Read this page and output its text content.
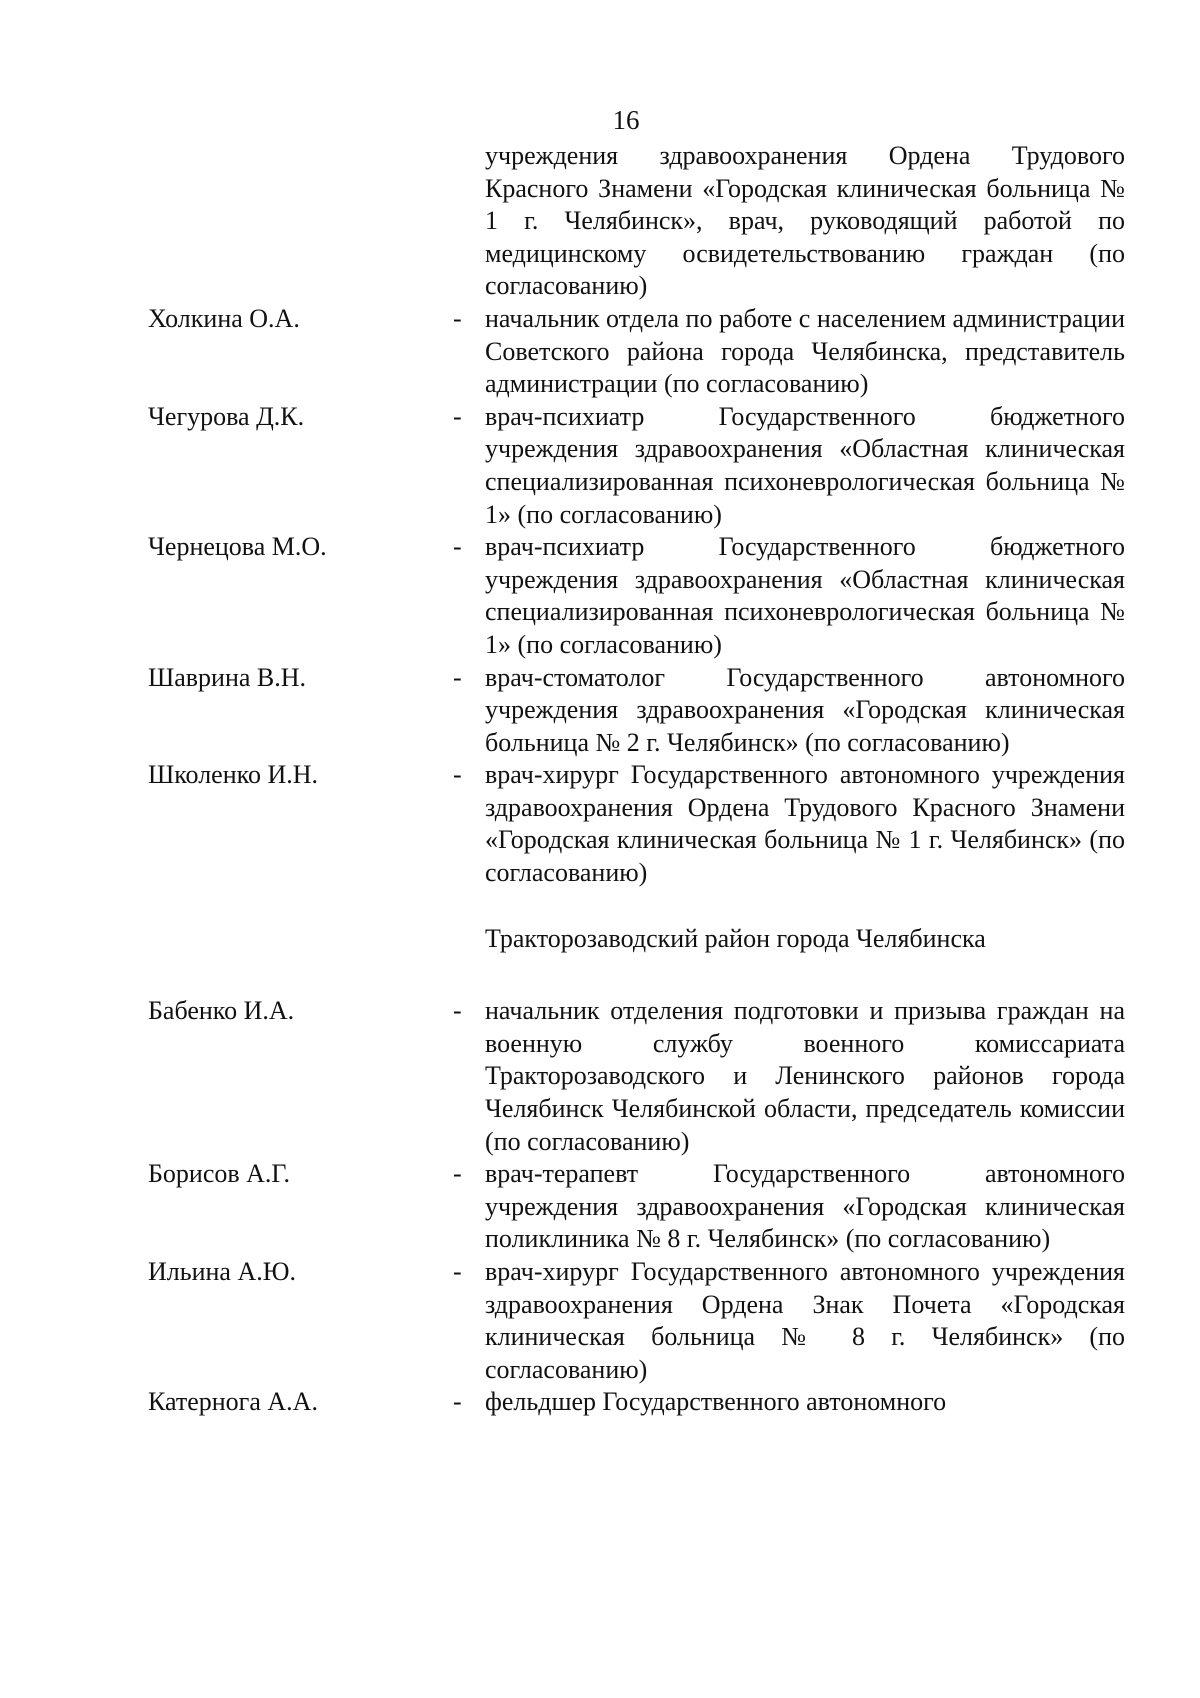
16
учреждения здравоохранения Ордена Трудового Красного Знамени «Городская клиническая больница № 1 г. Челябинск», врач, руководящий работой по медицинскому освидетельствованию граждан (по согласованию)
Холкина О.А.	- начальник отдела по работе с населением администрации Советского района города Челябинска, представитель администрации (по согласованию)
Чегурова Д.К.	- врач-психиатр Государственного бюджетного учреждения здравоохранения «Областная клиническая специализированная психоневрологическая больница № 1» (по согласованию)
Чернецова М.О.	- врач-психиатр Государственного бюджетного учреждения здравоохранения «Областная клиническая специализированная психоневрологическая больница № 1» (по согласованию)
Шаврина В.Н.	- врач-стоматолог Государственного автономного учреждения здравоохранения «Городская клиническая больница № 2 г. Челябинск» (по согласованию)
Школенко И.Н.	- врач-хирург Государственного автономного учреждения здравоохранения Ордена Трудового Красного Знамени «Городская клиническая больница № 1 г. Челябинск» (по согласованию)
Тракторозаводский район города Челябинска
Бабенко И.А.	- начальник отделения подготовки и призыва граждан на военную службу военного комиссариата Тракторозаводского и Ленинского районов города Челябинск Челябинской области, председатель комиссии (по согласованию)
Борисов А.Г.	- врач-терапевт Государственного автономного учреждения здравоохранения «Городская клиническая поликлиника № 8 г. Челябинск» (по согласованию)
Ильина А.Ю.	- врач-хирург Государственного автономного учреждения здравоохранения Ордена Знак Почета «Городская клиническая больница № 8 г. Челябинск» (по согласованию)
Катернога А.А.	- фельдшер Государственного автономного
